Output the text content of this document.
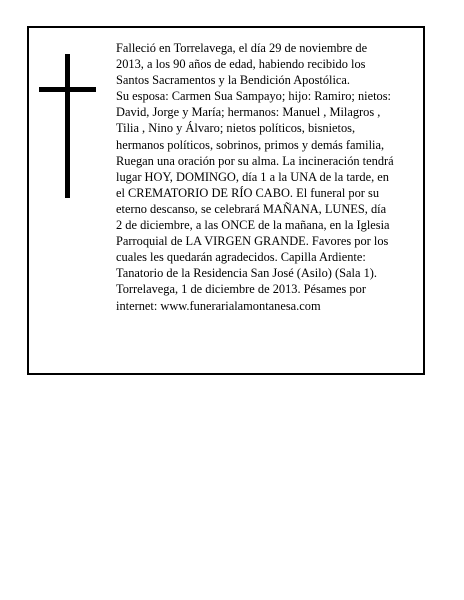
Falleció en Torrelavega, el día 29 de noviembre de
2013, a los 90 años de edad, habiendo recibido los
Santos Sacramentos y la Bendición Apostólica.
Su esposa: Carmen Sua Sampayo; hijo: Ramiro; nietos:
David, Jorge y María; hermanos: Manuel , Milagros ,
Tilia , Nino y Álvaro; nietos políticos, bisnietos,
hermanos políticos, sobrinos, primos y demás familia,
Ruegan una oración por su alma. La incineración tendrá
lugar HOY, DOMINGO, día 1 a la UNA de la tarde, en
el CREMATORIO DE RÍO CABO. El funeral por su
eterno descanso, se celebrará MAÑANA, LUNES, día
2 de diciembre, a las ONCE de la mañana, en la Iglesia
Parroquial de LA VIRGEN GRANDE. Favores por los
cuales les quedarán agradecidos. Capilla Ardiente:
Tanatorio de la Residencia San José (Asilo) (Sala 1).
Torrelavega, 1 de diciembre de 2013. Pésames por
internet: www.funerarialamontanesa.com
